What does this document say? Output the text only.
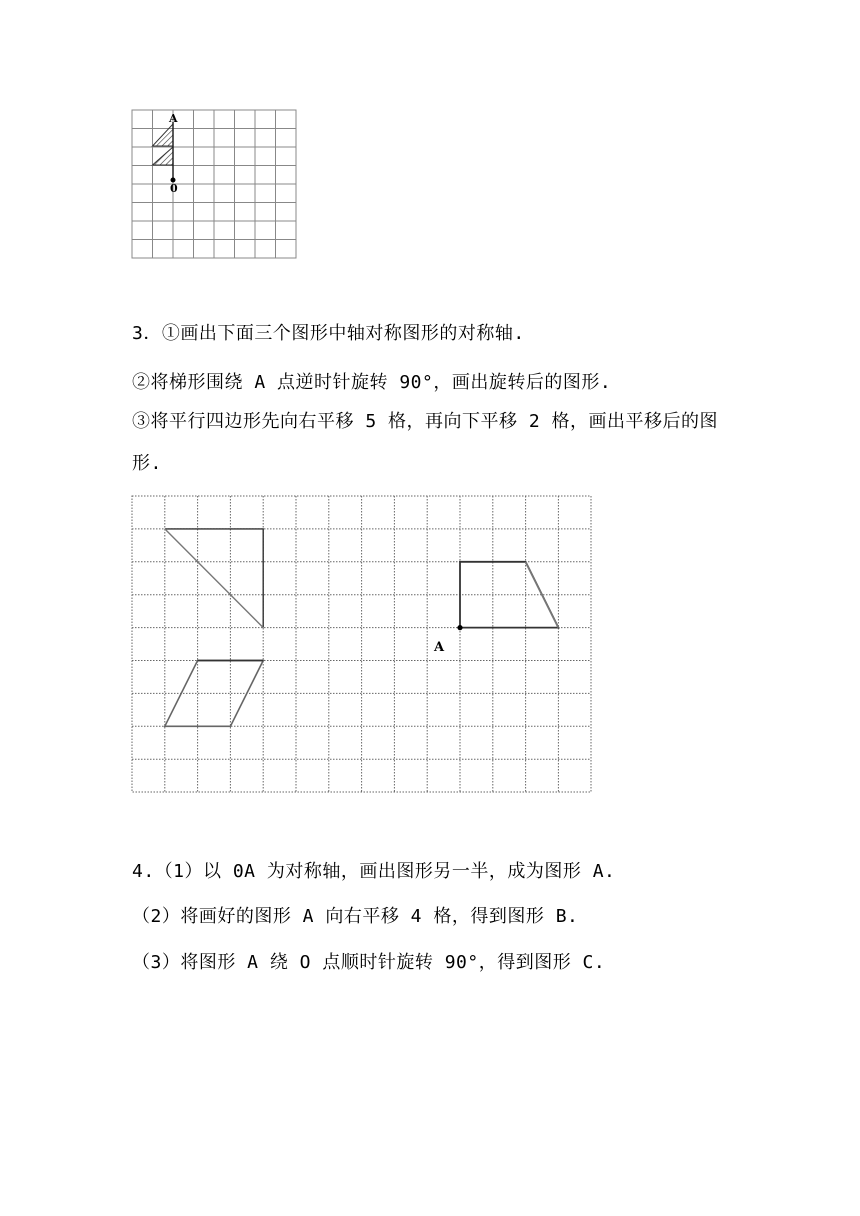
A
0
3．①画出下面三个图形中轴对称图形的对称轴.
②将梯形围绕 A 点逆时针旋转 90°，画出旋转后的图形.
③将平行四边形先向右平移 5 格，再向下平移 2 格，画出平移后的图
形.
A
4.（1）以 0A 为对称轴，画出图形另一半，成为图形 A.
（2）将画好的图形 A 向右平移 4 格，得到图形 B.
（3）将图形 A 绕 O 点顺时针旋转 90°，得到图形 C.
